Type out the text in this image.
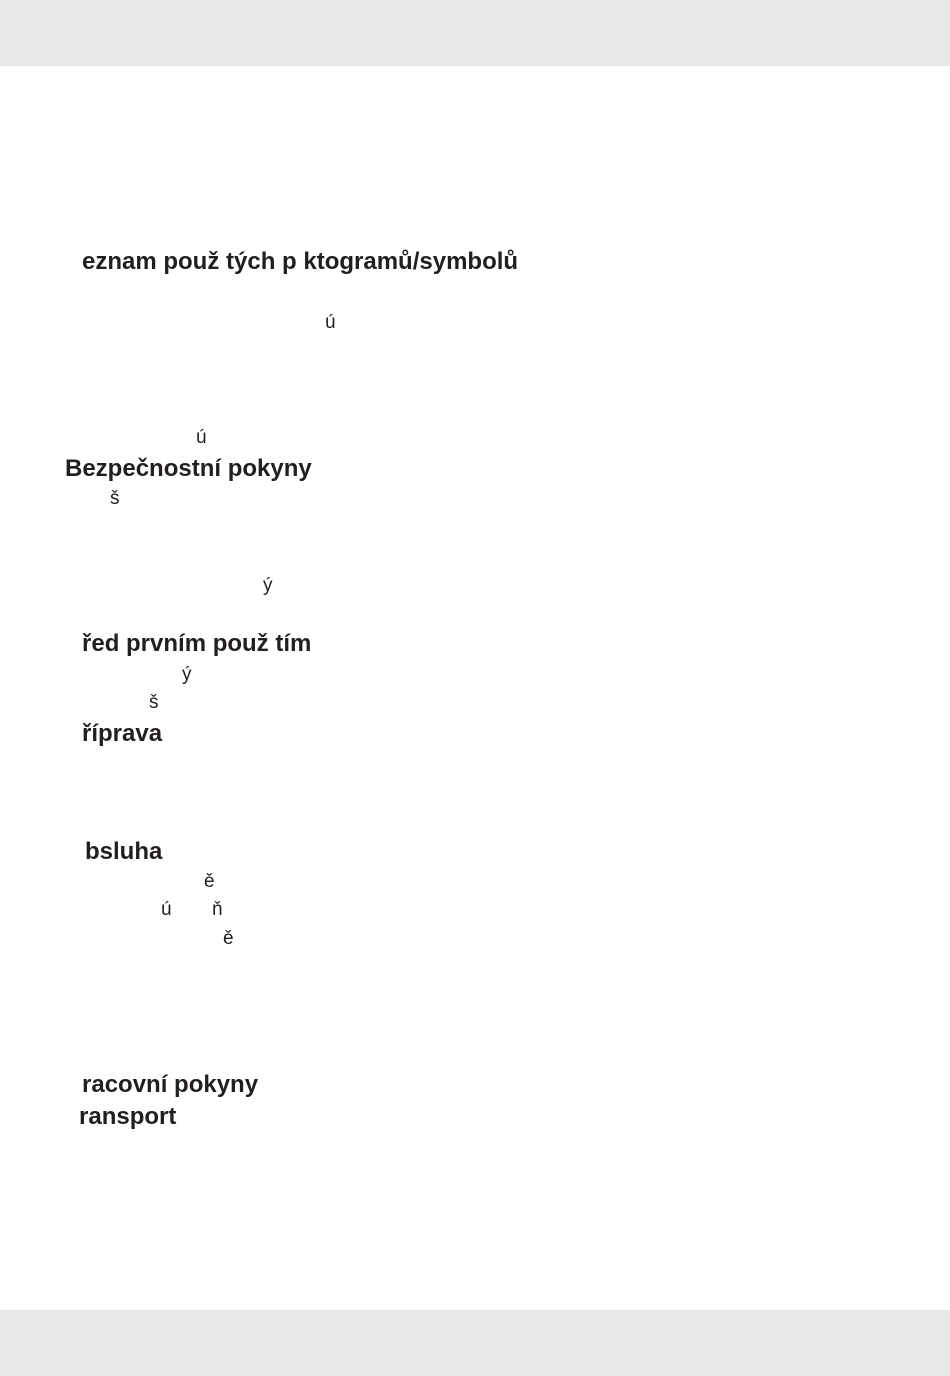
eznam použ tých p ktogramů/symbolů
ú
ú
Bezpečnostní pokyny
š
ý
řed prvním použ tím
ý
š
říprava
bsluha
ě
ú ň
ě
racovní pokyny
ransport
